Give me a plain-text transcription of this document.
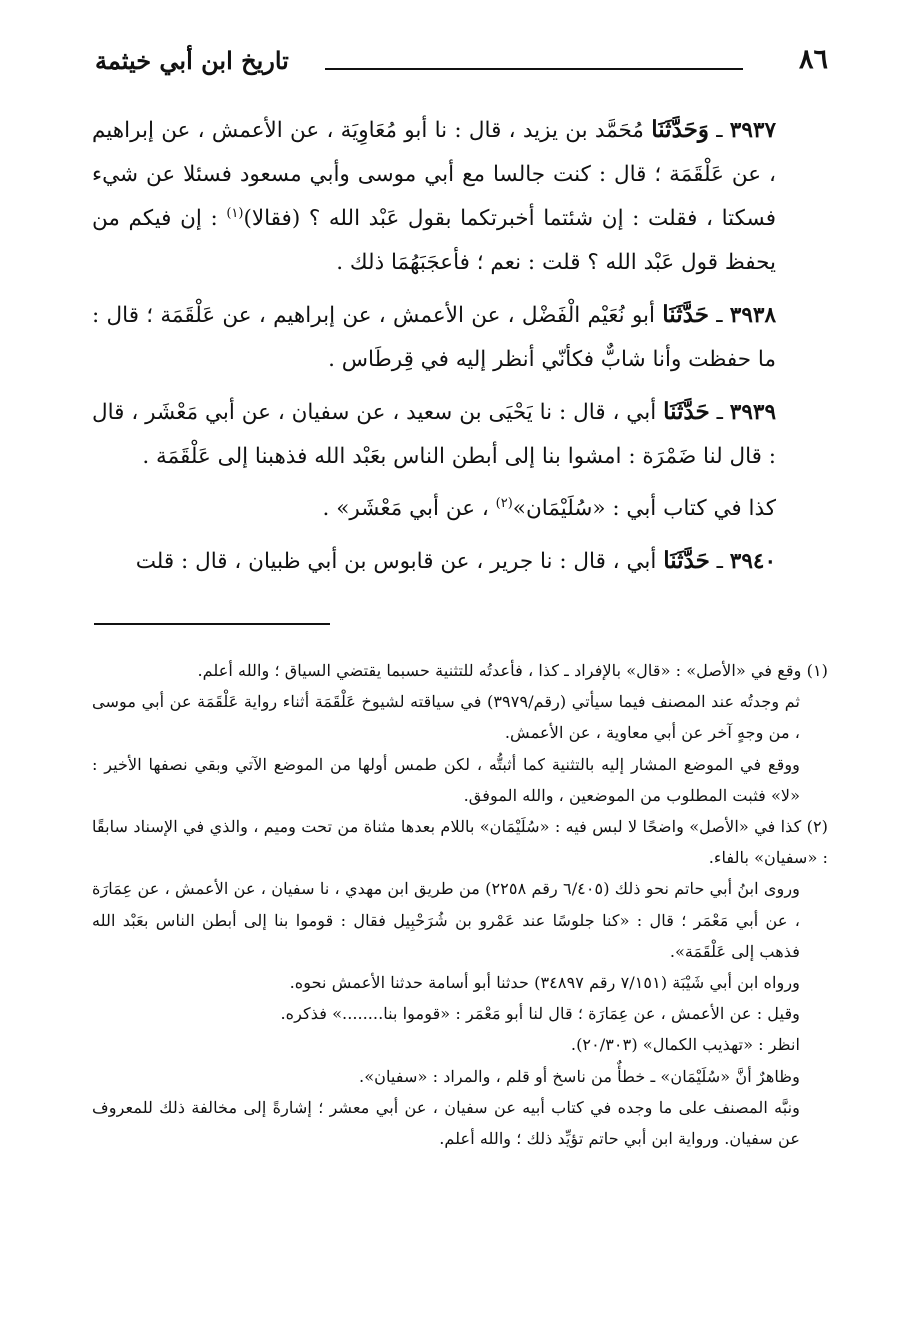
٨٦
تاريخ ابن أبي خيثمة

٣٩٣٧ ـ وَحَدَّثَنَا مُحَمَّد بن يزيد ، قال : نا أبو مُعَاوِيَة ، عن الأعمش ، عن إبراهيم ، عن عَلْقَمَة ؛ قال : كنت جالسا مع أبي موسى وأبي مسعود فسئلا عن شيء فسكتا ، فقلت : إن شئتما أخبرتكما بقول عَبْد الله ؟ (فقالا)$^{(١)}$ : إن فيكم من يحفظ قول عَبْد الله ؟ قلت : نعم ؛ فأعجَبَهُمَا ذلك .

٣٩٣٨ ـ حَدَّثَنَا أبو نُعَيْم الْفَضْل ، عن الأعمش ، عن إبراهيم ، عن عَلْقَمَة ؛ قال : ما حفظت وأنا شابٌّ فكأنّي أنظر إليه في قِرطَاس .

٣٩٣٩ ـ حَدَّثَنَا أبي ، قال : نا يَحْيَى بن سعيد ، عن سفيان ، عن أبي مَعْشَر ، قال : قال لنا ضَمْرَة : امشوا بنا إلى أبطن الناس بعَبْد الله فذهبنا إلى عَلْقَمَة .

كذا في كتاب أبي : «سُلَيْمَان»$^{(٢)}$ ، عن أبي مَعْشَر» .

٣٩٤٠ ـ حَدَّثَنَا أبي ، قال : نا جرير ، عن قابوس بن أبي ظبيان ، قال : قلت

(١) وقع في «الأصل» : «قال» بالإفراد ـ كذا ، فأعدتُه للتثنية حسبما يقتضي السياق ؛ والله أعلم.

ثم وجدتُه عند المصنف فيما سيأتي (رقم/٣٩٧٩) في سياقته لشيوخ عَلْقَمَة أثناء رواية عَلْقَمَة عن أبي موسى ، من وجهٍ آخر عن أبي معاوية ، عن الأعمش.

ووقع في الموضع المشار إليه بالتثنية كما أثبتُّه ، لكن طمس أولها من الموضع الآتي وبقي نصفها الأخير : «لا» فثبت المطلوب من الموضعين ، والله الموفق.

(٢) كذا في «الأصل» واضحًا لا لبس فيه : «سُلَيْمَان» باللام بعدها مثناة من تحت وميم ، والذي في الإسناد سابقًا : «سفيان» بالفاء.

وروى ابنُ أبي حاتم نحو ذلك (٦/٤٠٥ رقم ٢٢٥٨) من طريق ابن مهدي ، نا سفيان ، عن الأعمش ، عن عِمَارَة ، عن أبي مَعْمَر ؛ قال : «كنا جلوسًا عند عَمْرو بن شُرَحْبِيل فقال : قوموا بنا إلى أبطن الناس بعَبْد الله فذهب إلى عَلْقَمَة».

ورواه ابن أبي شَيْبَة (٧/١٥١ رقم ٣٤٨٩٧) حدثنا أبو أسامة حدثنا الأعمش نحوه.

وقيل : عن الأعمش ، عن عِمَارَة ؛ قال لنا أبو مَعْمَر : «قوموا بنا........» فذكره.

انظر : «تهذيب الكمال» (٢٠/٣٠٣).

وظاهرٌ أنَّ «سُلَيْمَان» ـ خطأٌ من ناسخ أو قلم ، والمراد : «سفيان».

ونبَّه المصنف على ما وجده في كتاب أبيه عن سفيان ، عن أبي معشر ؛ إشارةً إلى مخالفة ذلك للمعروف عن سفيان. ورواية ابن أبي حاتم تؤيِّد ذلك ؛ والله أعلم.
